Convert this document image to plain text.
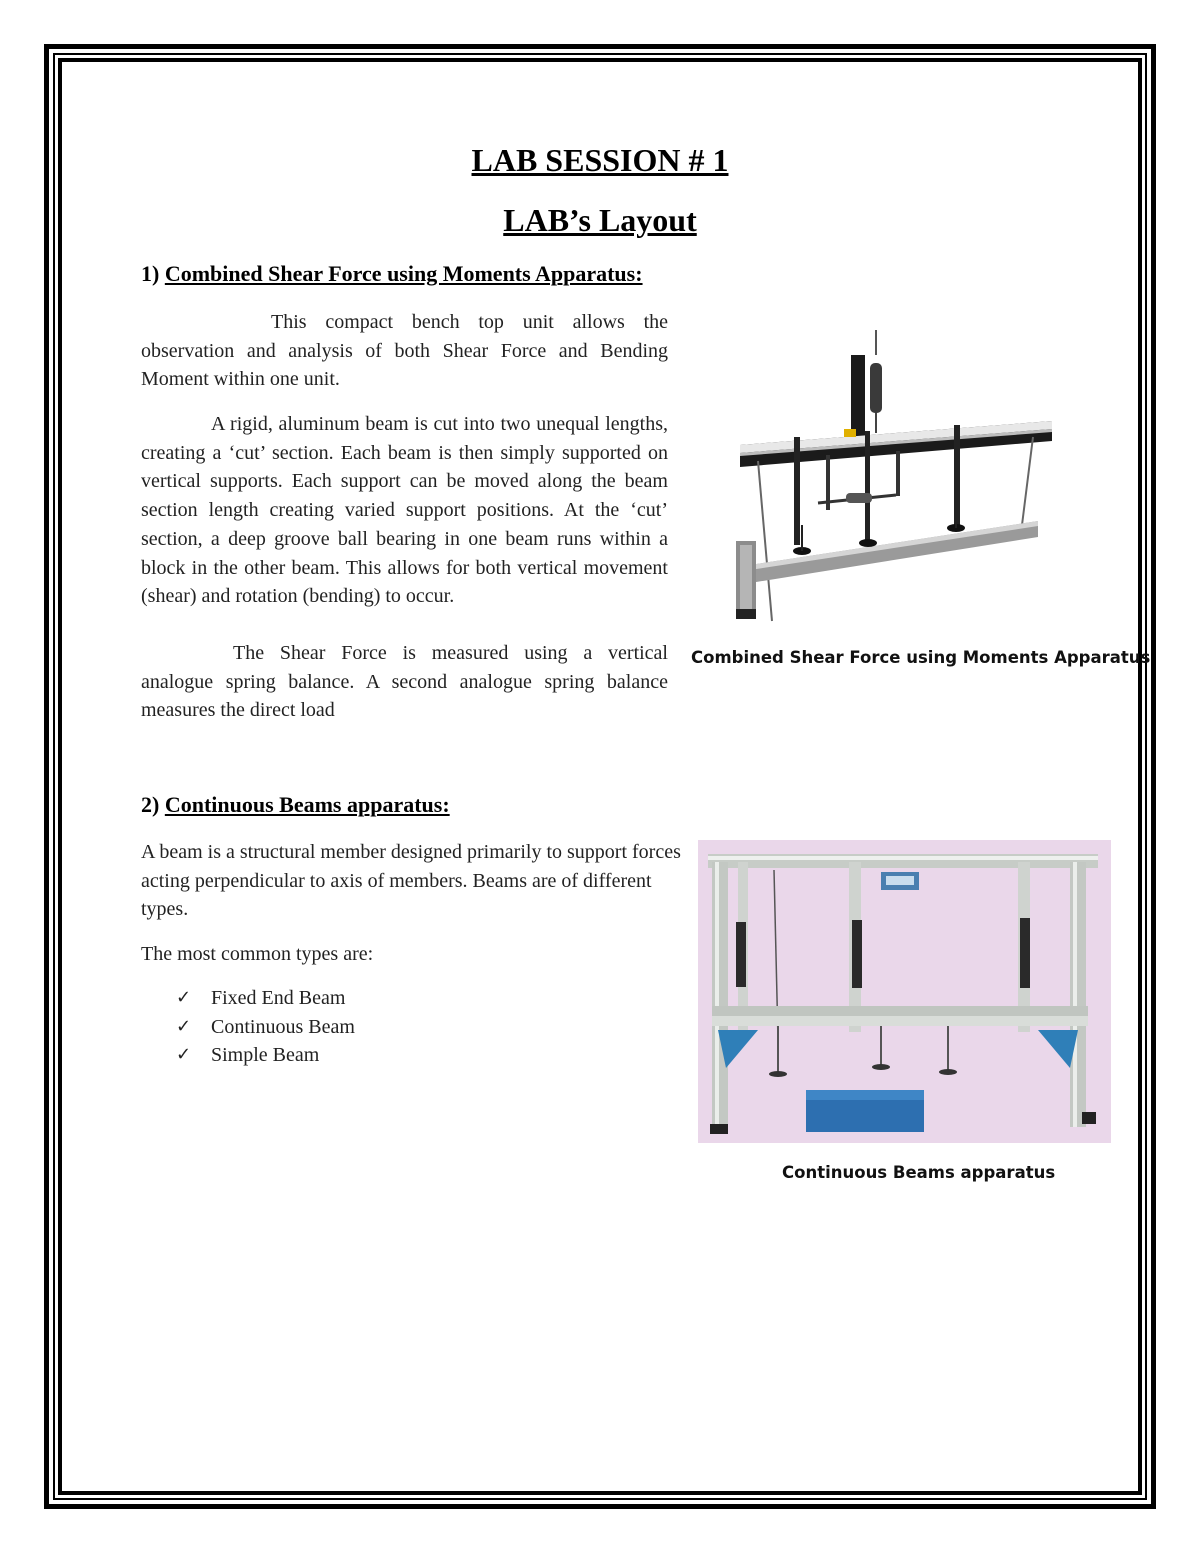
LAB SESSION # 1
LAB’s Layout
1) Combined Shear Force using Moments Apparatus:

This compact bench top unit allows the observation and analysis of both Shear Force and Bending Moment within one unit.

A rigid, aluminum beam is cut into two unequal lengths, creating a ‘cut’ section. Each beam is then simply supported on vertical supports. Each support can be moved along the beam section length creating varied support positions. At the ‘cut’ section, a deep groove ball bearing in one beam runs within a block in the other beam. This allows for both vertical movement (shear) and rotation (bending) to occur.

The Shear Force is measured using a vertical analogue spring balance. A second analogue spring balance measures the direct load

Combined Shear Force using Moments Apparatus

2) Continuous Beams apparatus:

A beam is a structural member designed primarily to support forces acting perpendicular to axis of members. Beams are of different types.

The most common types are:

✓ Fixed End Beam
✓ Continuous Beam
✓ Simple Beam

Continuous Beams apparatus
